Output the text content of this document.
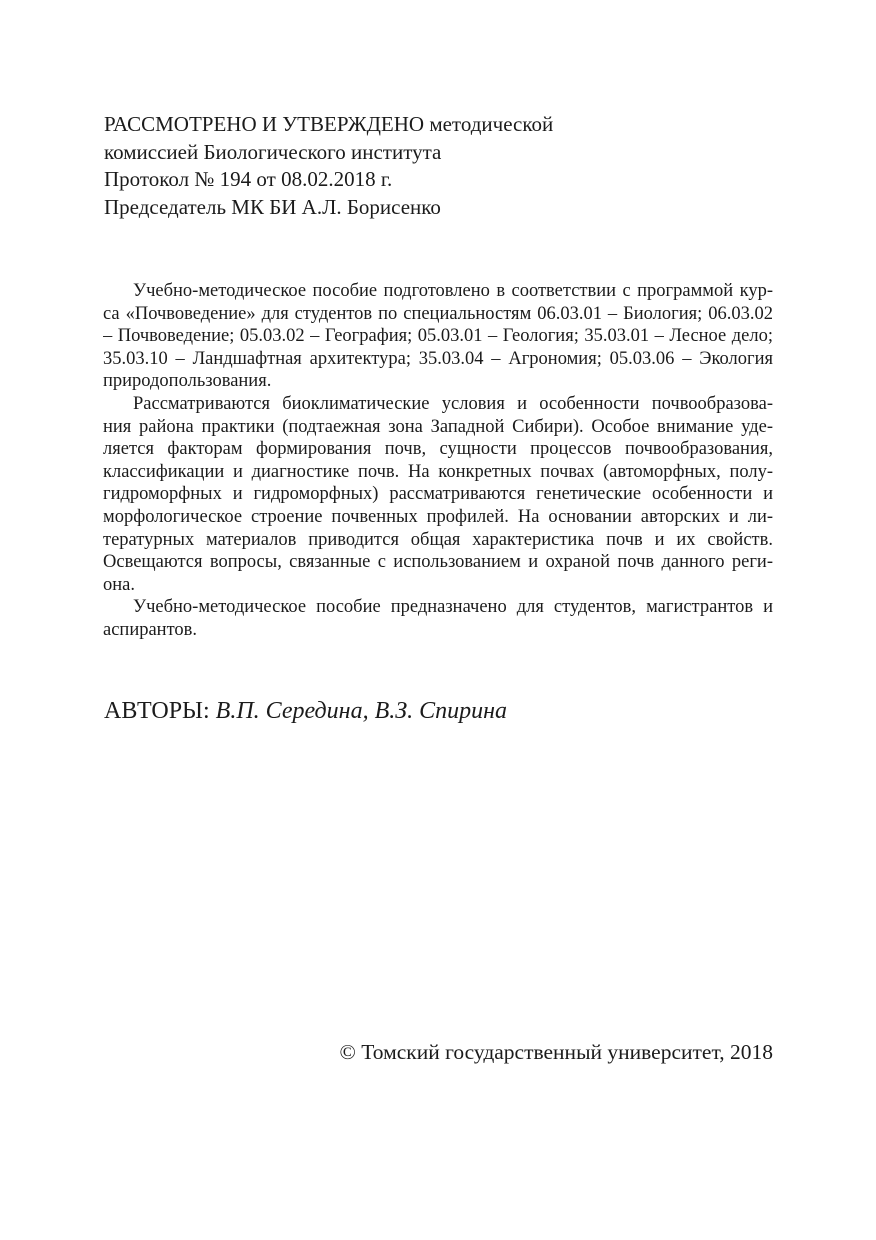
РАССМОТРЕНО И УТВЕРЖДЕНО методической
комиссией Биологического института
Протокол № 194 от 08.02.2018 г.
Председатель МК БИ А.Л. Борисенко
Учебно-методическое пособие подготовлено в соответствии с программой кур-
са «Почвоведение» для студентов по специальностям 06.03.01 – Биология; 06.03.02
– Почвоведение; 05.03.02 – География; 05.03.01 – Геология; 35.03.01 – Лесное дело;
35.03.10 – Ландшафтная архитектура; 35.03.04 – Агрономия; 05.03.06 – Экология
природопользования.
Рассматриваются биоклиматические условия и особенности почвообразова-
ния района практики (подтаежная зона Западной Сибири). Особое внимание уде-
ляется факторам формирования почв, сущности процессов почвообразования,
классификации и диагностике почв. На конкретных почвах (автоморфных, полу-
гидроморфных и гидроморфных) рассматриваются генетические особенности и
морфологическое строение почвенных профилей. На основании авторских и ли-
тературных материалов приводится общая характеристика почв и их свойств.
Освещаются вопросы, связанные с использованием и охраной почв данного реги-
она.
Учебно-методическое пособие предназначено для студентов, магистрантов и
аспирантов.
АВТОРЫ: В.П. Середина, В.З. Спирина
© Томский государственный университет, 2018
